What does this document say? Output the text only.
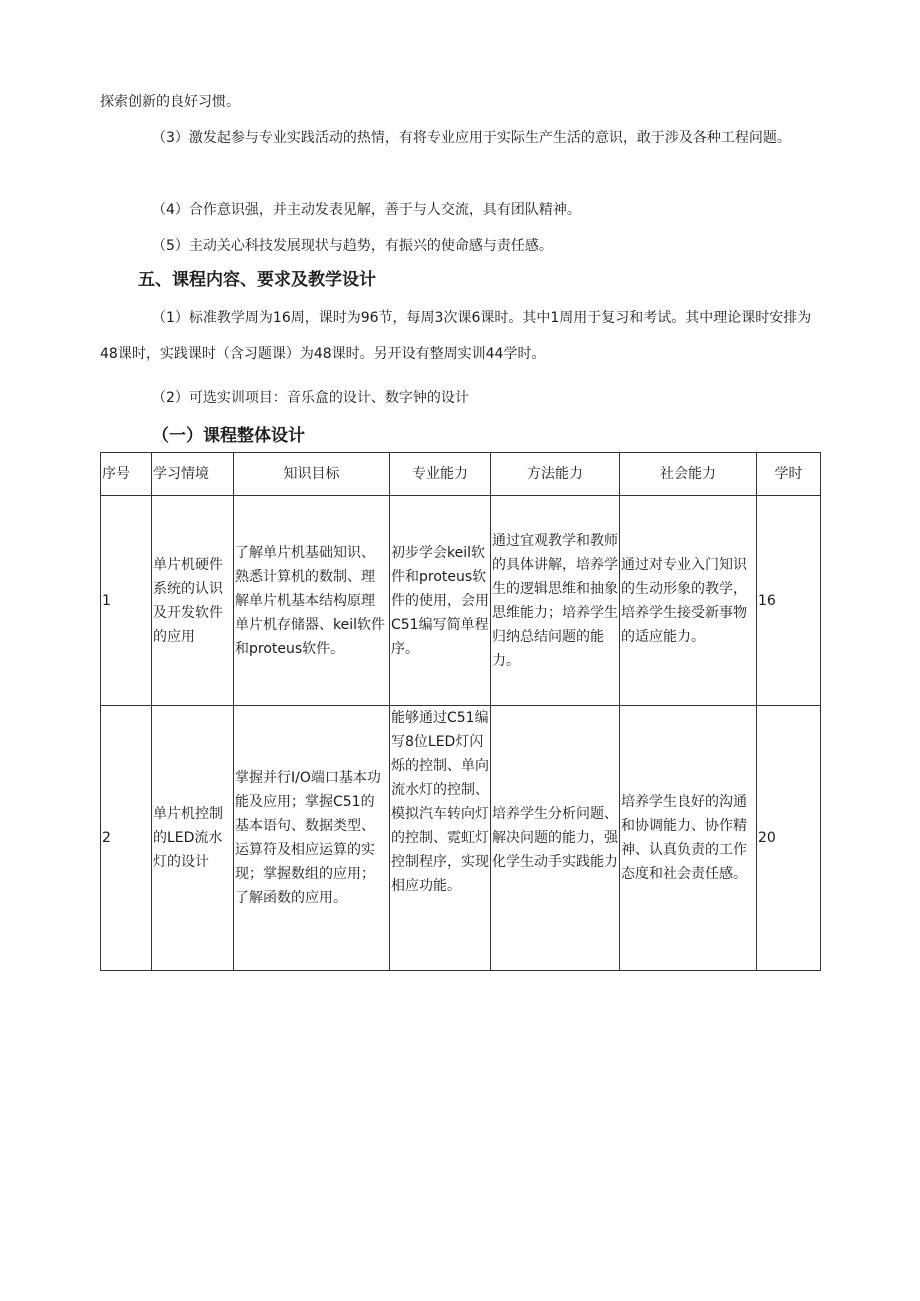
探索创新的良好习惯。

（3）激发起参与专业实践活动的热情，有将专业应用于实际生产生活的意识，敢于涉及各种工程问题。

（4）合作意识强，并主动发表见解，善于与人交流，具有团队精神。

（5）主动关心科技发展现状与趋势，有振兴的使命感与责任感。

五、课程内容、要求及教学设计

（1）标准教学周为16周，课时为96节，每周3次课6课时。其中1周用于复习和考试。其中理论课时安排为48课时，实践课时（含习题课）为48课时。另开设有整周实训44学时。

（2）可选实训项目：音乐盒的设计、数字钟的设计

（一）课程整体设计
序号	学习情境	知识目标	专业能力	方法能力	社会能力	学时
1	单片机硬件系统的认识及开发软件的应用	了解单片机基础知识、熟悉计算机的数制、理解单片机基本结构原理单片机存储器、keil软件和proteus软件。	初步学会keil软件和proteus软件的使用，会用C51编写简单程序。	通过宜观教学和教师的具体讲解，培养学生的逻辑思维和抽象思维能力；培养学生归纳总结问题的能力。	通过对专业入门知识的生动形象的教学，培养学生接受新事物的适应能力。	16
2	单片机控制的LED流水灯的设计	掌握并行I/O端口基本功能及应用；掌握C51的基本语句、数据类型、运算符及相应运算的实现；掌握数组的应用；了解函数的应用。	能够通过C51编写8位LED灯闪烁的控制、单向流水灯的控制、模拟汽车转向灯的控制、霓虹灯控制程序，实现相应功能。	培养学生分析问题、解决问题的能力，强化学生动手实践能力	培养学生良好的沟通和协调能力、协作精神、认真负责的工作态度和社会责任感。	20
